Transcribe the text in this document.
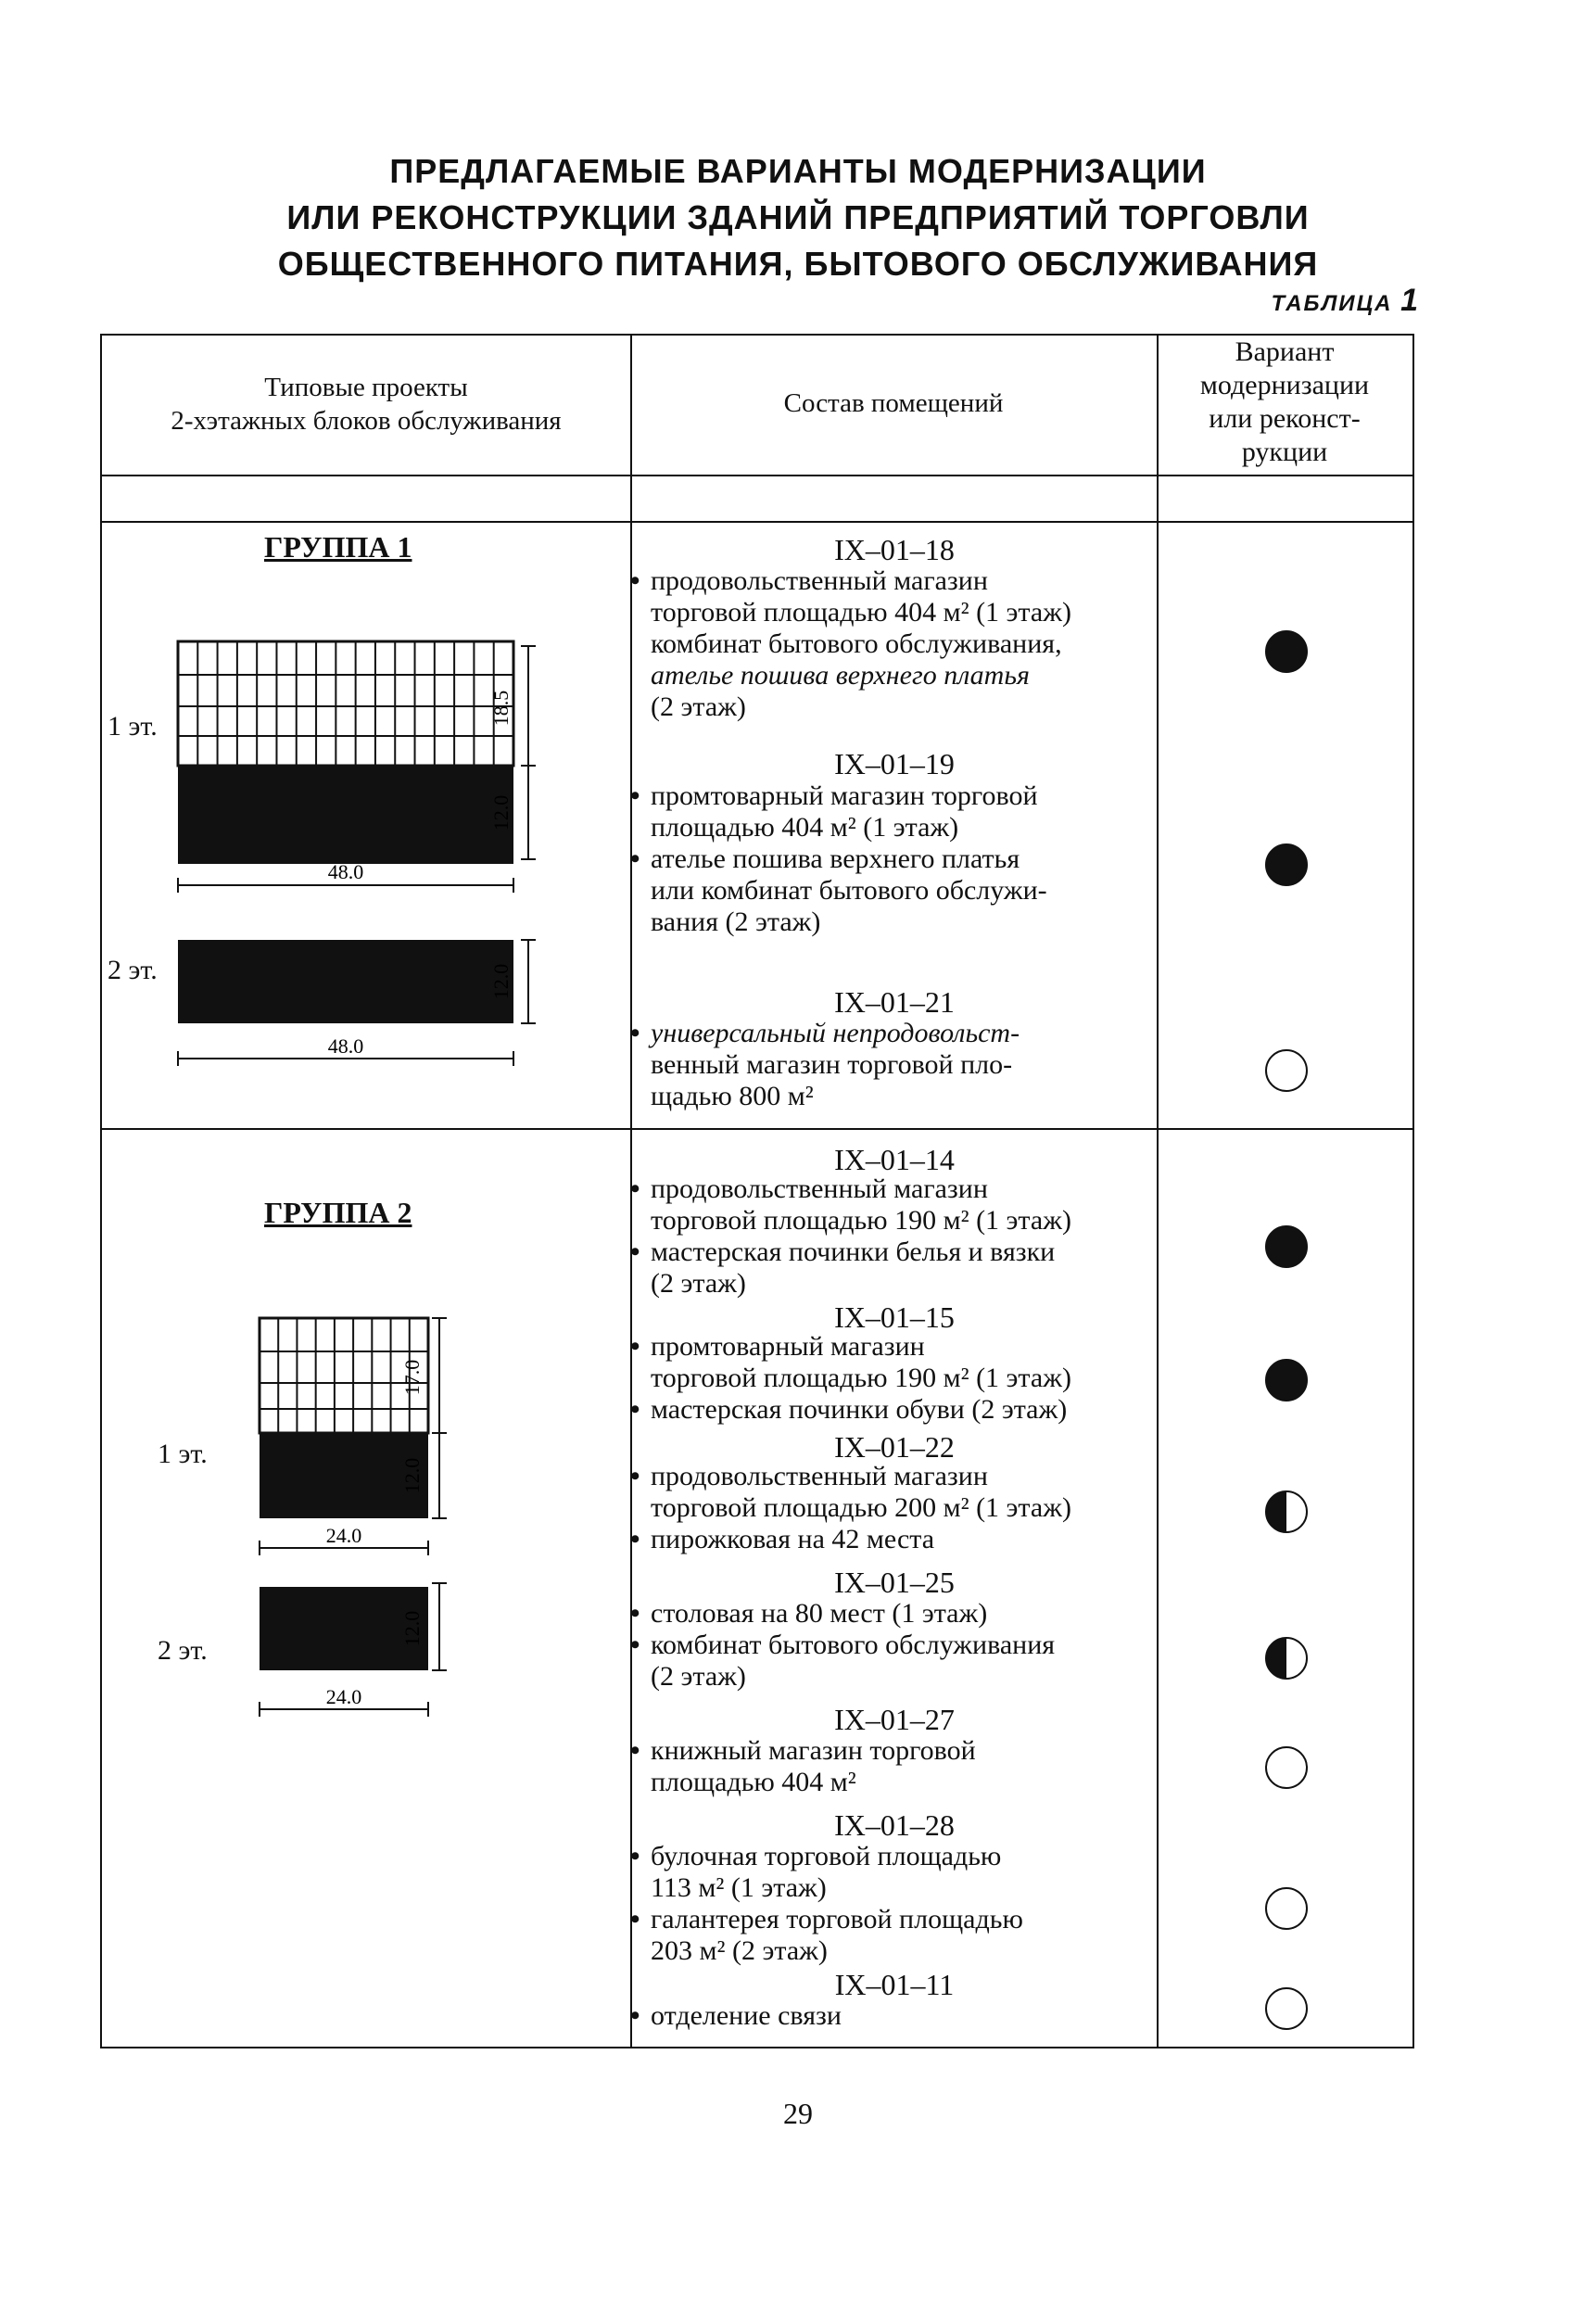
ПРЕДЛАГАЕМЫЕ ВАРИАНТЫ МОДЕРНИЗАЦИИ
ИЛИ РЕКОНСТРУКЦИИ ЗДАНИЙ ПРЕДПРИЯТИЙ ТОРГОВЛИ
ОБЩЕСТВЕННОГО ПИТАНИЯ, БЫТОВОГО ОБСЛУЖИВАНИЯ
ТАБЛИЦА 1
Типовые проекты
2-хэтажных блоков обслуживания
Состав помещений
Вариант
модернизации
или реконст-
рукции
ГРУППА 1
18.5
12.0
48.0
12.0
48.0
1 эт.
2 эт.
IX–01–18
• продовольственный магазин
торговой площадью 404 м² (1 этаж)
комбинат бытового обслуживания,
ателье пошива верхнего платья
(2 этаж)
IX–01–19
• промтоварный магазин торговой
площадью 404 м² (1 этаж)
• ателье пошива верхнего платья
или комбинат бытового обслужи-
вания (2 этаж)
IX–01–21
• универсальный непродовольст-
венный магазин торговой пло-
щадью 800 м²
ГРУППА 2
17.0
12.0
24.0
12.0
24.0
1 эт.
2 эт.
IX–01–14
• продовольственный магазин
торговой площадью 190 м² (1 этаж)
• мастерская починки белья и вязки
(2 этаж)
IX–01–15
• промтоварный магазин
торговой площадью 190 м² (1 этаж)
• мастерская починки обуви (2 этаж)
IX–01–22
• продовольственный магазин
торговой площадью 200 м² (1 этаж)
• пирожковая на 42 места
IX–01–25
• столовая на 80 мест (1 этаж)
• комбинат бытового обслуживания
(2 этаж)
IX–01–27
• книжный магазин торговой
площадью 404 м²
IX–01–28
• булочная торговой площадью
113 м² (1 этаж)
• галантерея торговой площадью
203 м² (2 этаж)
IX–01–11
• отделение связи
29
